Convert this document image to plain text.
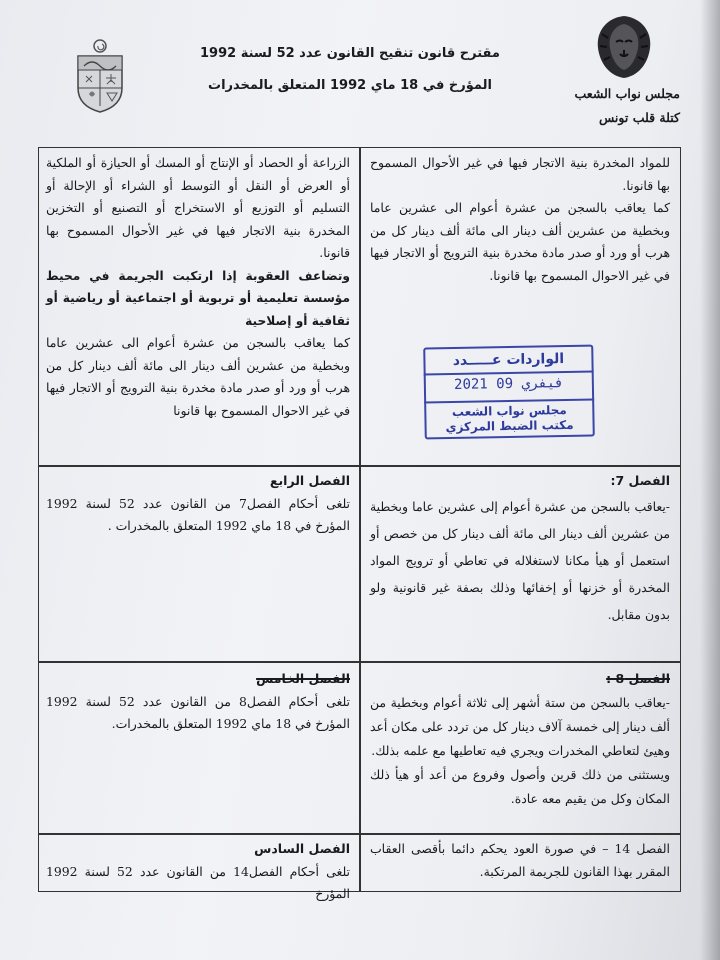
مقترح قانون تنقيح القانون عدد 52 لسنة 1992
المؤرخ في 18 ماي 1992 المتعلق بالمخدرات
مجلس نواب الشعب
كتلة قلب تونس

للمواد المخدرة بنية الاتجار فيها في غير الأحوال المسموح بها قانونا.

كما يعاقب بالسجن من عشرة أعوام الى عشرين عاما وبخطية من عشرين ألف دينار الى مائة ألف دينار كل من هرب أو ورد أو صدر مادة مخدرة بنية الترويج أو الاتجار فيها في غير الاحوال المسموح بها قانونا.

الزراعة أو الحصاد أو الإنتاج أو المسك أو الحيازة أو الملكية أو العرض أو النقل أو التوسط أو الشراء أو الإحالة أو التسليم أو التوزيع أو الاستخراج أو التصنيع أو التخزين المخدرة بنية الاتجار فيها في غير الأحوال المسموح بها قانونا.

وتضاعف العقوبة إذا ارتكبت الجريمة في محيط مؤسسة تعليمية أو تربوية أو اجتماعية أو رياضية أو ثقافية أو إصلاحية

كما يعاقب بالسجن من عشرة أعوام الى عشرين عاما وبخطية من عشرين ألف دينار الى مائة ألف دينار كل من هرب أو ورد أو صدر مادة مخدرة بنية الترويج أو الاتجار فيها في غير الاحوال المسموح بها قانونا

الواردات عـــــدد
2021 فيفري 09
مجلس نواب الشعب
مكتب الضبط المركزي
الفصل 7:

-يعاقب بالسجن من عشرة أعوام إلى عشرين عاما وبخطية من عشرين ألف دينار الى مائة ألف دينار كل من خصص أو استعمل أو هيأ مكانا لاستغلاله في تعاطي أو ترويج المواد المخدرة أو خزنها أو إخفائها وذلك بصفة غير قانونية ولو بدون مقابل.

الفصل الرابع

تلغى أحكام الفصل7 من القانون عدد 52 لسنة 1992 المؤرخ في 18 ماي 1992 المتعلق بالمخدرات .

الفصل 8 :

-يعاقب بالسجن من ستة أشهر إلى ثلاثة أعوام وبخطية من ألف دينار إلى خمسة آلاف دينار كل من تردد على مكان أعد وهيئ لتعاطي المخدرات ويجري فيه تعاطيها مع علمه بذلك.

ويستثنى من ذلك قرين وأصول وفروع من أعد أو هيأ ذلك المكان وكل من يقيم معه عادة.

الفصل الخامس

تلغى أحكام الفصل8 من القانون عدد 52 لسنة 1992 المؤرخ في 18 ماي 1992 المتعلق بالمخدرات.

الفصل 14 – في صورة العود يحكم دائما بأقصى العقاب المقرر بهذا القانون للجريمة المرتكبة.

الفصل السادس

تلغى أحكام الفصل14 من القانون عدد 52 لسنة 1992 المؤرخ
